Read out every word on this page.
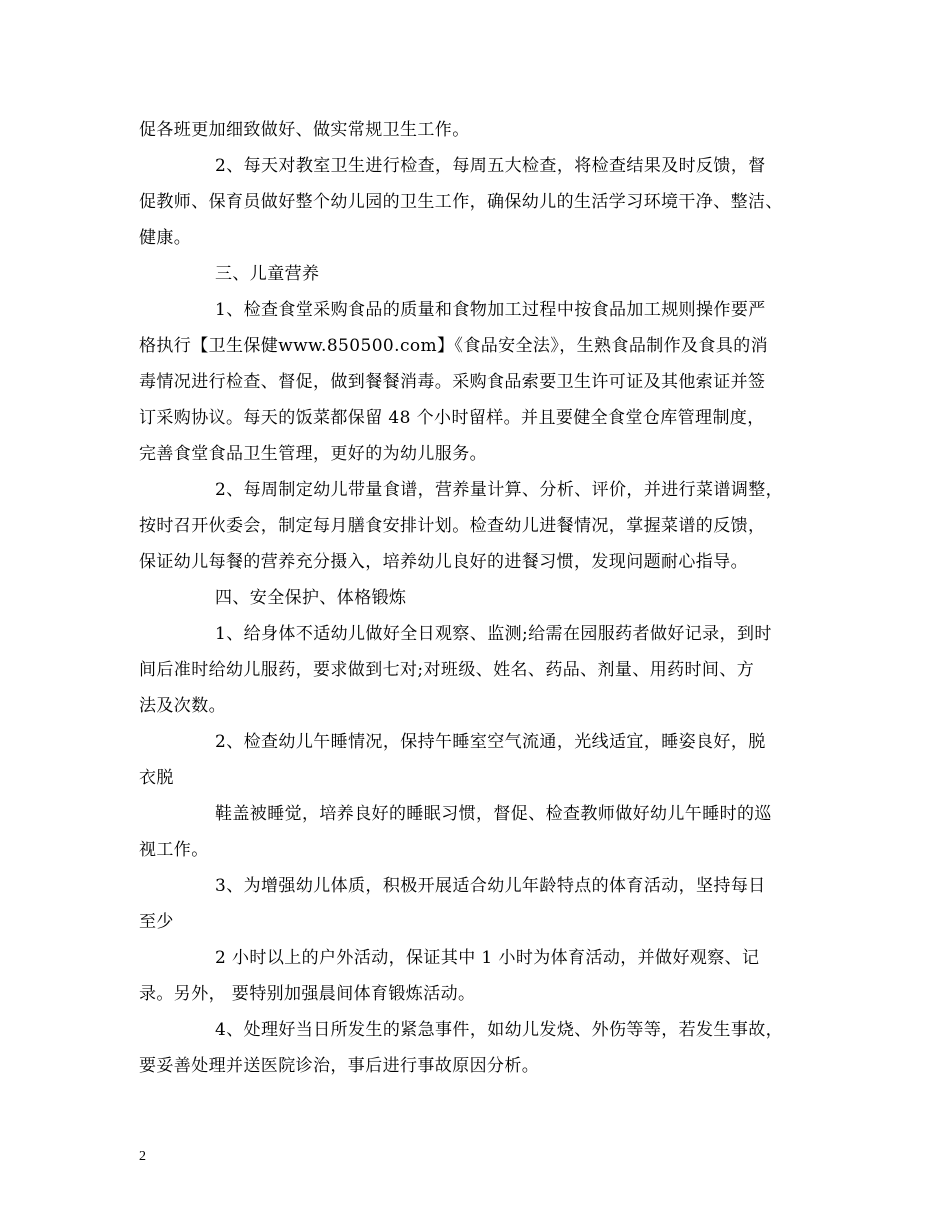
促各班更加细致做好、做实常规卫生工作。
2、每天对教室卫生进行检查，每周五大检查，将检查结果及时反馈，督
促教师、保育员做好整个幼儿园的卫生工作，确保幼儿的生活学习环境干净、整洁、
健康。
三、儿童营养
1、检查食堂采购食品的质量和食物加工过程中按食品加工规则操作要严
格执行【卫生保健www.850500.com】《食品安全法》，生熟食品制作及食具的消
毒情况进行检查、督促，做到餐餐消毒。采购食品索要卫生许可证及其他索证并签
订采购协议。每天的饭菜都保留 48 个小时留样。并且要健全食堂仓库管理制度，
完善食堂食品卫生管理，更好的为幼儿服务。
2、每周制定幼儿带量食谱，营养量计算、分析、评价，并进行菜谱调整，
按时召开伙委会，制定每月膳食安排计划。检查幼儿进餐情况，掌握菜谱的反馈，
保证幼儿每餐的营养充分摄入，培养幼儿良好的进餐习惯，发现问题耐心指导。
四、安全保护、体格锻炼
1、给身体不适幼儿做好全日观察、监测;给需在园服药者做好记录，到时
间后准时给幼儿服药，要求做到七对;对班级、姓名、药品、剂量、用药时间、方
法及次数。
2、检查幼儿午睡情况，保持午睡室空气流通，光线适宜，睡姿良好，脱
衣脱
鞋盖被睡觉，培养良好的睡眠习惯，督促、检查教师做好幼儿午睡时的巡
视工作。
3、为增强幼儿体质，积极开展适合幼儿年龄特点的体育活动，坚持每日
至少
2 小时以上的户外活动，保证其中 1 小时为体育活动，并做好观察、记
录。另外， 要特别加强晨间体育锻炼活动。
4、处理好当日所发生的紧急事件，如幼儿发烧、外伤等等，若发生事故，
要妥善处理并送医院诊治，事后进行事故原因分析。
2
